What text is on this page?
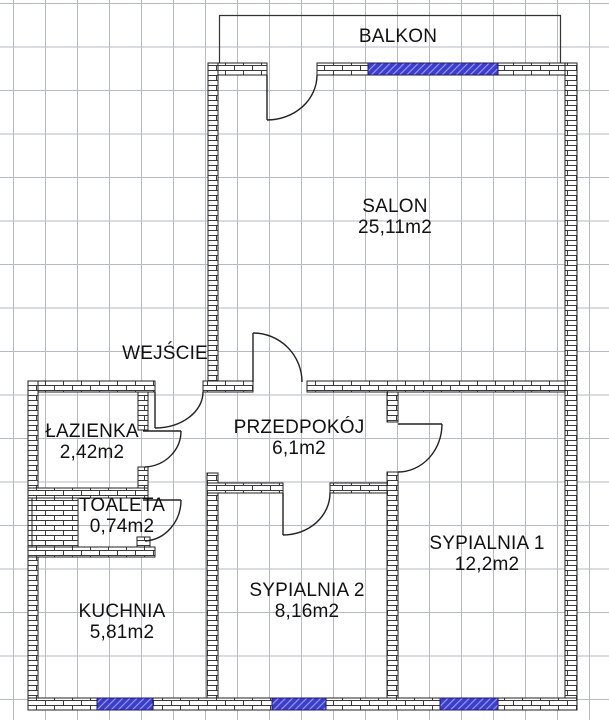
BALKON
SALON
25,11m2
WEJŚCIE
ŁAZIENKA
2,42m2
PRZEDPOKÓJ
6,1m2
TOALETA
0,74m2
KUCHNIA
5,81m2
SYPIALNIA 2
8,16m2
SYPIALNIA 1
12,2m2
